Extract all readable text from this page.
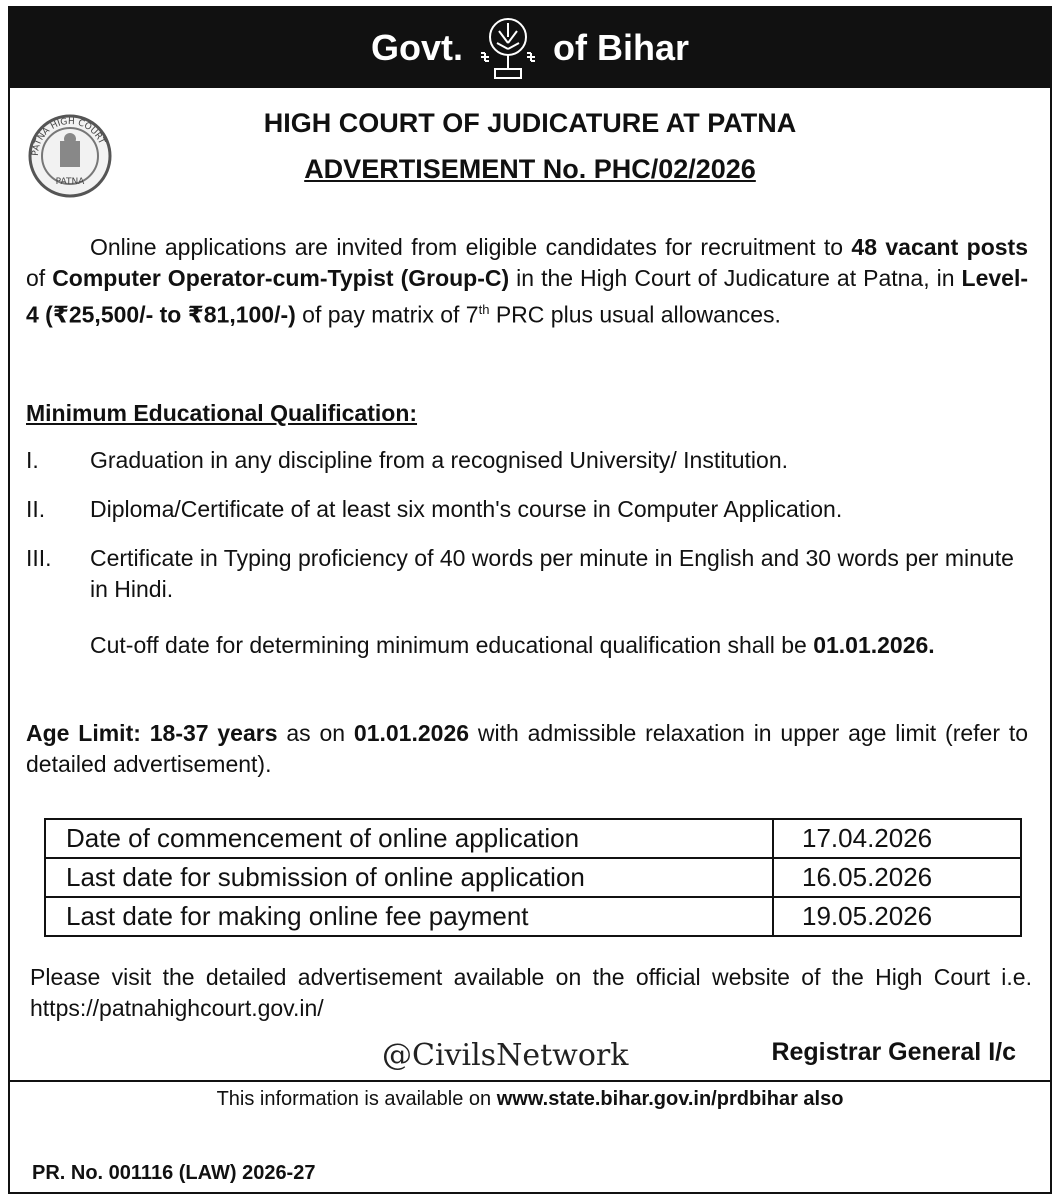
Govt.	of Bihar
PATNA HIGH COURT
PATNA
HIGH COURT OF JUDICATURE AT PATNA
ADVERTISEMENT No. PHC/02/2026
Online applications are invited from eligible candidates for recruitment to 48 vacant posts of Computer Operator-cum-Typist (Group-C) in the High Court of Judicature at Patna, in Level-4 (₹25,500/- to ₹81,100/-) of pay matrix of 7th PRC plus usual allowances.
Minimum Educational Qualification:
I. Graduation in any discipline from a recognised University/ Institution.
II. Diploma/Certificate of at least six month's course in Computer Application.
III. Certificate in Typing proficiency of 40 words per minute in English and 30 words per minute in Hindi.
Cut-off date for determining minimum educational qualification shall be 01.01.2026.
Age Limit: 18-37 years as on 01.01.2026 with admissible relaxation in upper age limit (refer to detailed advertisement).
Date of commencement of online application	17.04.2026
Last date for submission of online application	16.05.2026
Last date for making online fee payment	19.05.2026
Please visit the detailed advertisement available on the official website of the High Court i.e. https://patnahighcourt.gov.in/
@CivilsNetwork	Registrar General I/c
This information is available on www.state.bihar.gov.in/prdbihar also
PR. No. 001116 (LAW) 2026-27
